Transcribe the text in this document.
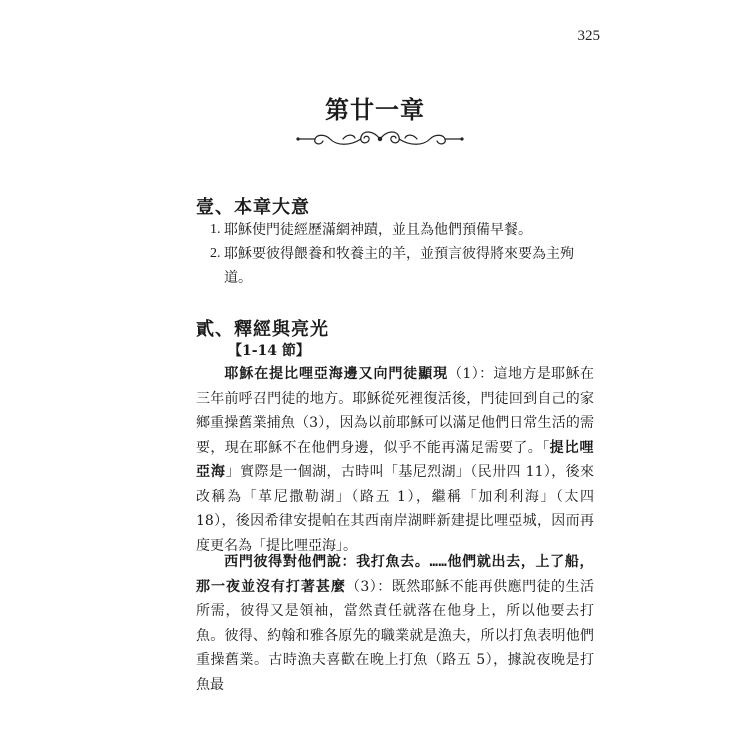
325
第廿一章
壹、本章大意
1. 耶穌使門徒經歷滿網神蹟，並且為他們預備早餐。
2. 耶穌要彼得餵養和牧養主的羊，並預言彼得將來要為主殉道。
貳、釋經與亮光
【1-14 節】
耶穌在提比哩亞海邊又向門徒顯現（1）：這地方是耶穌在三年前呼召門徒的地方。耶穌從死裡復活後，門徒回到自己的家鄉重操舊業捕魚（3），因為以前耶穌可以滿足他們日常生活的需要，現在耶穌不在他們身邊，似乎不能再滿足需要了。「提比哩亞海」實際是一個湖，古時叫「基尼烈湖」（民卅四 11），後來改稱為「革尼撒勒湖」（路五 1），繼稱「加利利海」（太四 18），後因希律安提帕在其西南岸湖畔新建提比哩亞城，因而再度更名為「提比哩亞海」。
西門彼得對他們說：我打魚去。……他們就出去，上了船，那一夜並沒有打著甚麼（3）：既然耶穌不能再供應門徒的生活所需，彼得又是領袖，當然責任就落在他身上，所以他要去打魚。彼得、約翰和雅各原先的職業就是漁夫，所以打魚表明他們重操舊業。古時漁夫喜歡在晚上打魚（路五 5），據說夜晚是打魚最
